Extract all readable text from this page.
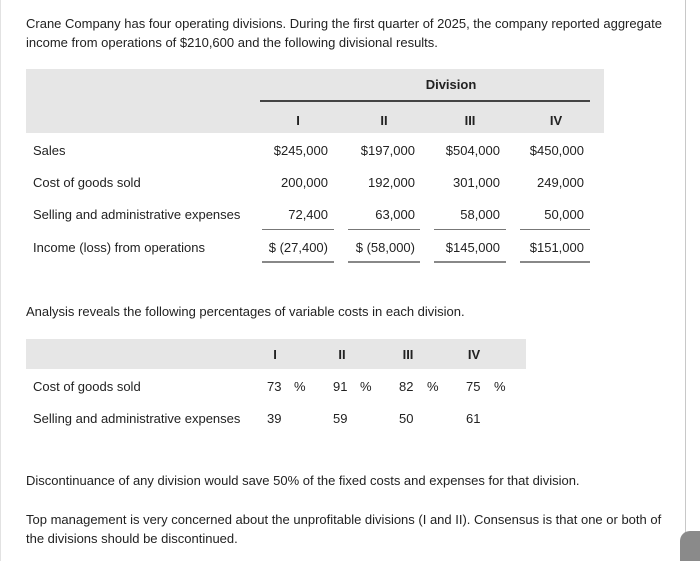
Crane Company has four operating divisions. During the first quarter of 2025, the company reported aggregate income from operations of $210,600 and the following divisional results.
Division
I	II	III	IV
Sales	$245,000	$197,000	$504,000	$450,000
Cost of goods sold	200,000	192,000	301,000	249,000
Selling and administrative expenses	72,400	63,000	58,000	50,000
Income (loss) from operations	$ (27,400)	$ (58,000)	$145,000	$151,000
Analysis reveals the following percentages of variable costs in each division.
I	II	III	IV
Cost of goods sold	73 % 91 % 82 % 75 %
Selling and administrative expenses 39	59	50	61
Discontinuance of any division would save 50% of the fixed costs and expenses for that division.
Top management is very concerned about the unprofitable divisions (I and II). Consensus is that one or both of the divisions should be discontinued.
